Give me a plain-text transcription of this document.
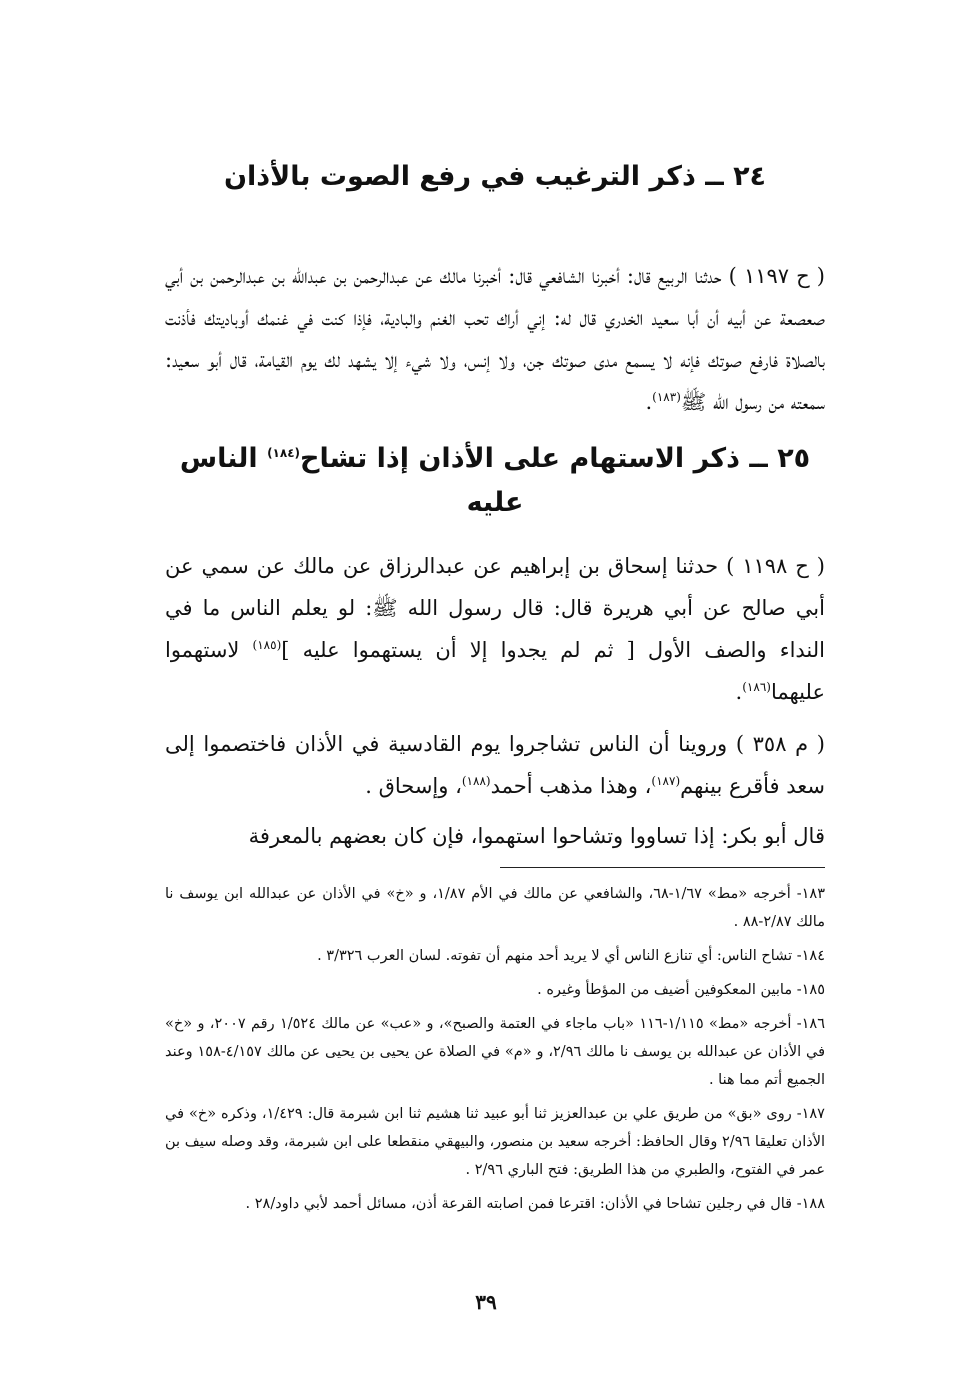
٢٤ ــ ذكر الترغيب في رفع الصوت بالأذان

( ح ١١٩٧ ) حدثنا الربيع قال: أخبرنا الشافعي قال: أخبرنا مالك عن عبدالرحمن بن عبدالله بن عبدالرحمن بن أبي صعصعة عن أبيه أن أبا سعيد الخدري قال له: إني أراك تحب الغنم والبادية، فإذا كنت في غنمك أوباديتك فأذنت بالصلاة فارفع صوتك فإنه لا يسمع مدى صوتك جن، ولا إنس، ولا شيء إلا يشهد لك يوم القيامة، قال أبو سعيد: سمعته من رسول الله ﷺ$^{(١٨٣)}$.

٢٥ ــ ذكر الاستهام على الأذان إذا تشاح$^{(١٨٤)}$ الناس عليه

( ح ١١٩٨ ) حدثنا إسحاق بن إبراهيم عن عبدالرزاق عن مالك عن سمي عن أبي صالح عن أبي هريرة قال: قال رسول الله ﷺ: لو يعلم الناس ما في النداء والصف الأول [ ثم لم يجدوا إلا أن يستهموا عليه ]$^{(١٨٥)}$ لاستهموا عليهما$^{(١٨٦)}$.

( م ٣٥٨ ) وروينا أن الناس تشاجروا يوم القادسية في الأذان فاختصموا إلى سعد فأقرع بينهم$^{(١٨٧)}$، وهذا مذهب أحمد$^{(١٨٨)}$، وإسحاق .

قال أبو بكر: إذا تساووا وتشاحوا استهموا، فإن كان بعضهم بالمعرفة

١٨٣- أخرجه «مط» ١/٦٧-٦٨، والشافعي عن مالك في الأم ١/٨٧، و «خ» في الأذان عن عبدالله ابن يوسف نا مالك ٢/٨٧-٨٨ .

١٨٤- تشاح الناس: أي تنازع الناس أي لا يريد أحد منهم أن تفوته. لسان العرب ٣/٣٢٦ .

١٨٥- مابين المعكوفين أضيف من المؤطأ وغيره .

١٨٦- أخرجه «مط» ١/١١٥-١١٦ «باب ماجاء في العتمة والصبح»، و «عب» عن مالك ١/٥٢٤ رقم ٢٠٠٧، و «خ» في الأذان عن عبدالله بن يوسف نا مالك ٢/٩٦، و «م» في الصلاة عن يحيى بن يحيى عن مالك ٤/١٥٧-١٥٨ وعند الجميع أتم مما هنا .

١٨٧- روى «بق» من طريق علي بن عبدالعزيز ثنا أبو عبيد ثنا هشيم ثنا ابن شبرمة قال: ١/٤٢٩، وذكره «خ» في الأذان تعليقا ٢/٩٦ وقال الحافظ: أخرجه سعيد بن منصور، والبيهقي منقطعا على ابن شبرمة، وقد وصله سيف بن عمر في الفتوح، والطبري من هذا الطريق: فتح الباري ٢/٩٦ .

١٨٨- قال في رجلين تشاحا في الأذان: اقترعا فمن اصابته القرعة أذن، مسائل أحمد لأبي داود/٢٨ .

٣٩
